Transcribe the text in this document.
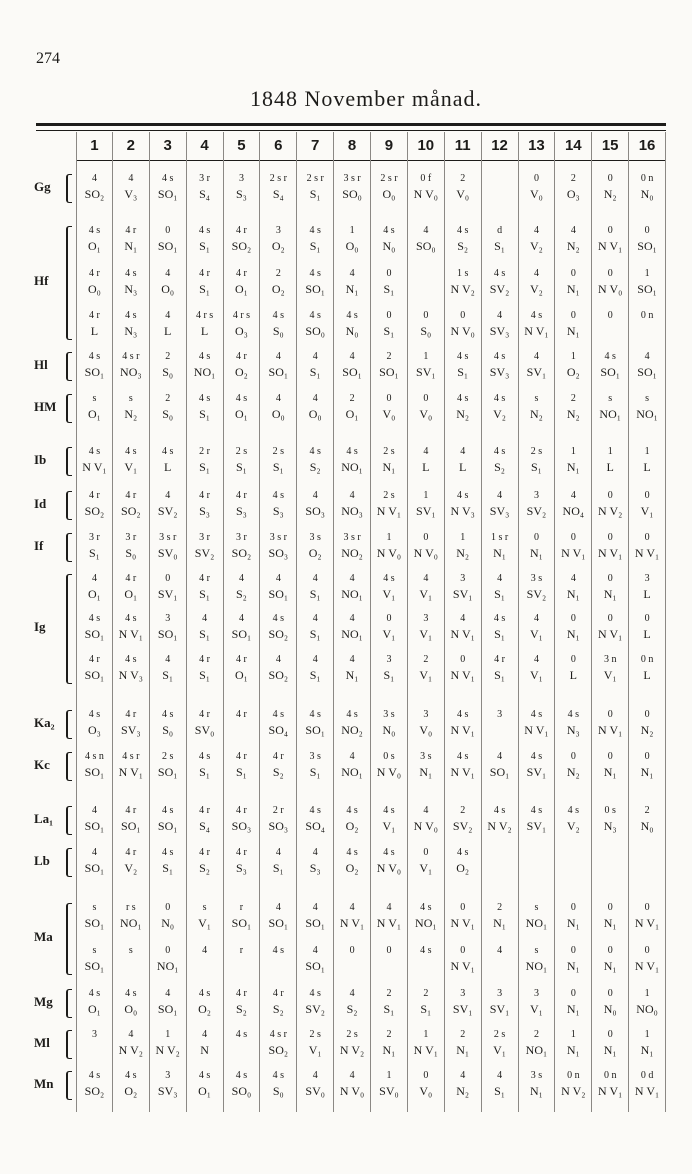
274
1848 November månad.
Gg
Hf
Hl
HM
Ib
Id
If
Ig
Ka₂
Kc
La₁
Lb
Ma
Mg
Ml
Mn
1
4
SO₂
4 s
O₁
4 r
O₀
4 r
L
4 s
SO₁
s
O₁
4 s
N V₁
4 r
SO₂
3 r
S₁
4
O₁
4 s
SO₁
4 r
SO₁
4 s
O₃
4 s n
SO₁
4
SO₁
4
SO₁
s
SO₁
s
SO₁
4 s
O₁
3
4 s
SO₂
2
4
V₃
4 r
N₁
4 s
N₃
4 s
N₃
4 s r
NO₃
s
N₂
4 s
V₁
4 r
SO₂
3 r
S₀
4 r
O₁
4 s
N V₁
4 s
N V₃
4 r
SV₃
4 s r
N V₁
4 r
SO₁
4 r
V₂
r s
NO₁
s
4 s
O₀
4
N V₂
4 s
O₂
3
4 s
SO₁
0
SO₁
4
O₀
4
L
2
S₀
2
S₀
4 s
L
4
SV₂
3 s r
SV₀
0
SV₁
3
SO₁
4
S₁
4 s
S₀
2 s
SO₁
4 s
SO₁
4 s
S₁
0
N₀
0
NO₁
4
SO₁
1
N V₂
3
SV₃
4
3 r
S₄
4 s
S₁
4 r
S₁
4 r s
L
4 s
NO₁
4 s
S₁
2 r
S₁
4 r
S₃
3 r
SV₂
4 r
S₁
4
S₁
4 r
S₁
4 r
SV₀
4 s
S₁
4 r
S₄
4 r
S₂
s
V₁
4
4 s
O₂
4
N
4 s
O₁
5
3
S₃
4 r
SO₂
4 r
O₁
4 r s
O₃
4 r
O₂
4 s
O₁
2 s
S₁
4 r
S₃
3 r
SO₂
4
S₂
4
SO₁
4 r
O₁
4 r
4 r
S₁
4 r
SO₃
4 r
S₃
r
SO₁
r
4 r
S₂
4 s
4 s
SO₀
6
2 s r
S₄
3
O₂
2
O₂
4 s
S₀
4
SO₁
4
O₀
2 s
S₁
4 s
S₃
3 s r
SO₃
4
SO₁
4 s
SO₂
4
SO₂
4 s
SO₄
4 r
S₂
2 r
SO₃
4
S₁
4
SO₁
4 s
4 r
S₂
4 s r
SO₂
4 s
S₀
7
2 s r
S₁
4 s
S₁
4 s
SO₁
4 s
SO₀
4
S₁
4
O₀
4 s
S₂
4
SO₃
3 s
O₂
4
S₁
4
S₁
4
S₁
4 s
SO₁
3 s
S₁
4 s
SO₄
4
S₃
4
SO₁
4
SO₁
4 s
SV₂
2 s
V₁
4
SV₀
8
3 s r
SO₀
1
O₀
4
N₁
4 s
N₀
4
SO₁
2
O₁
4 s
NO₁
4
NO₃
3 s r
NO₂
4
NO₁
4
NO₁
4
N₁
4 s
NO₂
4
NO₁
4 s
O₂
4 s
O₂
4
N V₁
0
4
S₂
2 s
N V₂
4
N V₀
9
2 s r
O₀
4 s
N₀
0
S₁
0
S₁
2
SO₁
0
V₀
2 s
N₁
2 s
N V₁
1
N V₀
4 s
V₁
0
V₁
3
S₁
3 s
N₀
0 s
N V₀
4 s
V₁
4 s
N V₀
4
N V₁
0
2
S₁
2
N₁
1
SV₀
10
0 f
N V₀
4
SO₀
0
S₀
1
SV₁
0
V₀
4
L
1
SV₁
0
N V₀
4
V₁
3
V₁
2
V₁
3
V₀
3 s
N₁
4
N V₀
0
V₁
4 s
NO₁
4 s
2
S₁
1
N V₁
0
V₀
11
2
V₀
4 s
S₂
1 s
N V₂
0
N V₀
4 s
S₁
4 s
N₂
4
L
4 s
N V₃
1
N₂
3
SV₁
4
N V₁
0
N V₁
4 s
N V₁
4 s
N V₁
2
SV₂
4 s
O₂
0
N V₁
0
N V₁
3
SV₁
2
N₁
4
N₂
12
d
S₁
4 s
SV₂
4
SV₃
4 s
SV₃
4 s
V₂
4 s
S₂
4
SV₃
1 s r
N₁
4
S₁
4 s
S₁
4 r
S₁
3
4
SO₁
4 s
N V₂
2
N₁
4
3
SV₁
2 s
V₁
4
S₁
13
0
V₀
4
V₂
4
V₂
4 s
N V₁
4
SV₁
s
N₂
2 s
S₁
3
SV₂
0
N₁
3 s
SV₂
4
V₁
4
V₁
4 s
N V₁
4 s
SV₁
4 s
SV₁
s
NO₁
s
NO₁
3
V₁
2
NO₁
3 s
N₁
14
2
O₃
4
N₂
0
N₁
0
N₁
1
O₂
2
N₂
1
N₁
4
NO₄
0
N V₁
4
N₁
0
N₁
0
L
4 s
N₃
0
N₂
4 s
V₂
0
N₁
0
N₁
0
N₁
1
N₁
0 n
N V₂
15
0
N₂
0
N V₁
0
N V₀
0
4 s
SO₁
s
NO₁
1
L
0
N V₂
0
N V₁
0
N₁
0
N V₁
3 n
V₁
0
N V₁
0
N₁
0 s
N₃
0
N₁
0
N₁
0
N₀
0
N₁
0 n
N V₁
16
0 n
N₀
0
SO₁
1
SO₁
0 n
4
SO₁
s
NO₁
1
L
0
V₁
0
N V₁
3
L
0
L
0 n
L
0
N₂
0
N₁
2
N₀
0
N V₁
0
N V₁
1
NO₀
1
N₁
0 d
N V₁
